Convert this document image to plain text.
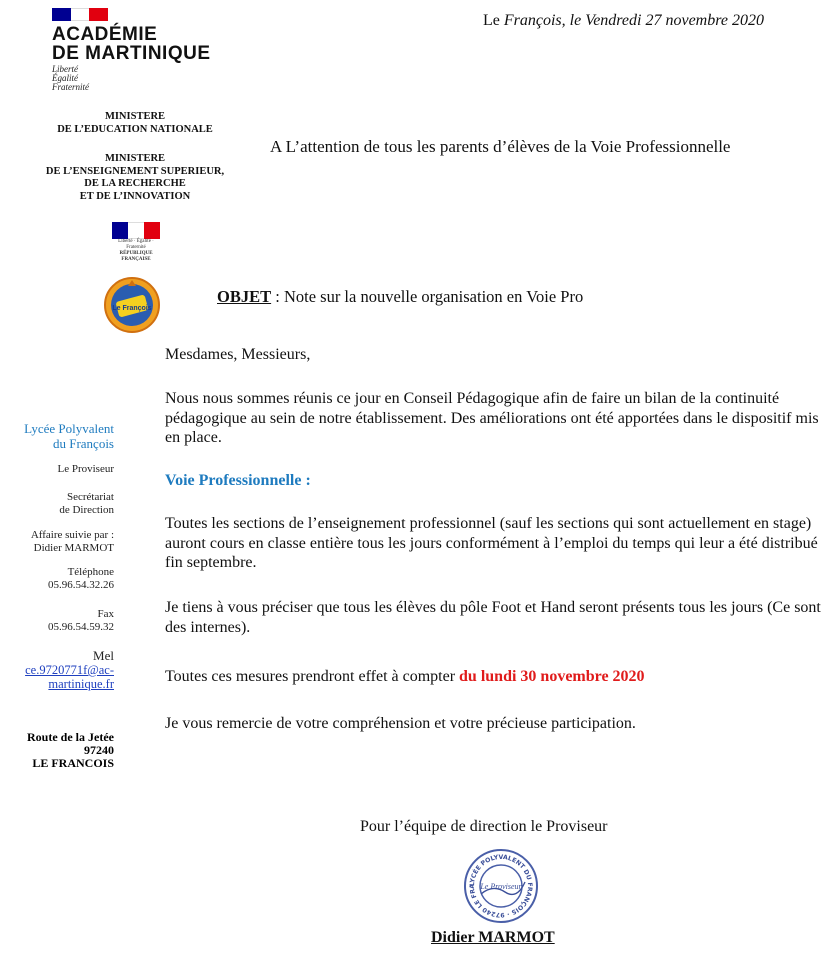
ACADÉMIE
DE MARTINIQUE
Liberté
Égalité
Fraternité
Le François, le Vendredi 27 novembre 2020
MINISTERE
DE L’EDUCATION NATIONALE
MINISTERE
DE L’ENSEIGNEMENT SUPERIEUR,
DE LA RECHERCHE
ET DE L’INNOVATION
Liberté · Égalité · Fraternité
RÉPUBLIQUE FRANÇAISE
A L’attention de tous les parents d’élèves de la Voie Professionnelle
Le François
OBJET : Note sur la nouvelle organisation en Voie Pro
Mesdames, Messieurs,
Nous nous sommes réunis ce jour en Conseil Pédagogique afin de faire un bilan de la continuité pédagogique au sein de notre établissement. Des améliorations ont été apportées dans le dispositif mis en place.
Voie Professionnelle :
Toutes les sections de l’enseignement professionnel (sauf les sections qui sont actuellement en stage) auront cours en classe entière tous les jours conformément à l’emploi du temps qui leur a été distribué fin septembre.
Je tiens à vous préciser que tous les élèves du pôle Foot et Hand seront présents tous les jours (Ce sont des internes).
Toutes ces mesures prendront effet à compter du lundi 30 novembre 2020
Je vous remercie de votre compréhension et votre précieuse participation.
Lycée Polyvalent
du François
Le Proviseur
Secrétariat
de Direction
Affaire suivie par :
Didier MARMOT
Téléphone
05.96.54.32.26
Fax
05.96.54.59.32
Mel
ce.9720771f@ac-
martinique.fr
Route de la Jetée
97240
LE FRANCOIS
Pour l’équipe de direction le Proviseur
LYCÉE POLYVALENT DU FRANÇOIS · 97240 LE FRA Le Proviseur
Didier MARMOT
